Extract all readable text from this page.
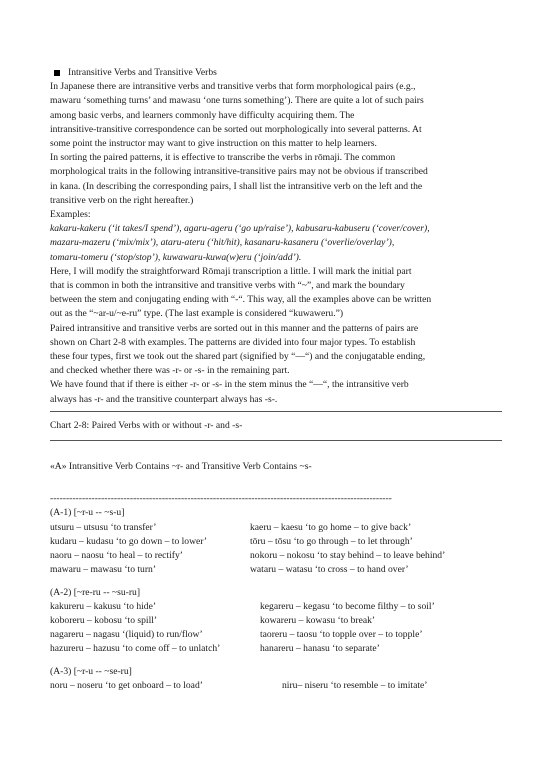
Intransitive Verbs and Transitive Verbs
In Japanese there are intransitive verbs and transitive verbs that form morphological pairs (e.g.,
mawaru ‘something turns’ and mawasu ‘one turns something’). There are quite a lot of such pairs
among basic verbs, and learners commonly have difficulty acquiring them. The
intransitive-transitive correspondence can be sorted out morphologically into several patterns. At
some point the instructor may want to give instruction on this matter to help learners.
In sorting the paired patterns, it is effective to transcribe the verbs in rōmaji. The common
morphological traits in the following intransitive-transitive pairs may not be obvious if transcribed
in kana. (In describing the corresponding pairs, I shall list the intransitive verb on the left and the
transitive verb on the right hereafter.)
Examples:
kakaru-kakeru (‘it takes/I spend’), agaru-ageru (‘go up/raise’), kabusaru-kabuseru (‘cover/cover),
mazaru-mazeru (‘mix/mix’), ataru-ateru (‘hit/hit), kasanaru-kasaneru (‘overlie/overlay’),
tomaru-tomeru (‘stop/stop’), kuwawaru-kuwa(w)eru (‘join/add’).
Here, I will modify the straightforward Rōmaji transcription a little. I will mark the initial part
that is common in both the intransitive and transitive verbs with “~”, and mark the boundary
between the stem and conjugating ending with “-“. This way, all the examples above can be written
out as the “~ar-u/~e-ru” type. (The last example is considered “kuwaweru.”)
Paired intransitive and transitive verbs are sorted out in this manner and the patterns of pairs are
shown on Chart 2-8 with examples. The patterns are divided into four major types. To establish
these four types, first we took out the shared part (signified by “—“) and the conjugatable ending,
and checked whether there was -r- or -s- in the remaining part.
We have found that if there is either -r- or -s- in the stem minus the “—“, the intransitive verb
always has -r- and the transitive counterpart always has -s-.
Chart 2-8: Paired Verbs with or without -r- and -s-
«A» Intransitive Verb Contains ~r- and Transitive Verb Contains ~s-
-----------------------------------------------------------------------------------------------------------
(A-1) [~r-u -- ~s-u]
utsuru – utsusu ‘to transfer’	kaeru – kaesu ‘to go home – to give back’
kudaru – kudasu ‘to go down – to lower’	tōru – tōsu ‘to go through – to let through’
naoru – naosu ‘to heal – to rectify’	nokoru – nokosu ‘to stay behind – to leave behind’
mawaru – mawasu ‘to turn’	wataru – watasu ‘to cross – to hand over’
(A-2) [~re-ru -- ~su-ru]
kakureru – kakusu ‘to hide’	kegareru – kegasu ‘to become filthy – to soil’
koboreru – kobosu ‘to spill’	kowareru – kowasu ‘to break’
nagareru – nagasu ‘(liquid) to run/flow’	taoreru – taosu ‘to topple over – to topple’
hazureru – hazusu ‘to come off – to unlatch’	hanareru – hanasu ‘to separate’
(A-3) [~r-u -- ~se-ru]
noru – noseru ‘to get onboard – to load’	niru– niseru ‘to resemble – to imitate’
